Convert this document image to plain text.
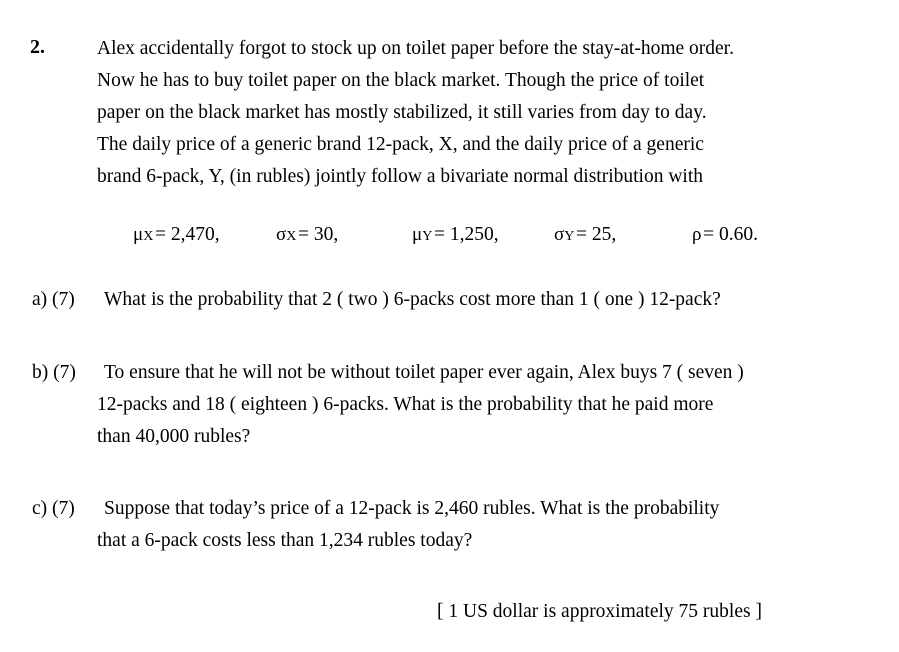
2.	Alex accidentally forgot to stock up on toilet paper before the stay-at-home order.
Now he has to buy toilet paper on the black market. Though the price of toilet
paper on the black market has mostly stabilized, it still varies from day to day.
The daily price of a generic brand 12-pack, X, and the daily price of a generic
brand 6-pack, Y, (in rubles) jointly follow a bivariate normal distribution with
μX = 2,470,	σX = 30,	μY = 1,250,	σY = 25,	ρ = 0.60.
a) (7) What is the probability that 2 ( two ) 6-packs cost more than 1 ( one ) 12-pack?
b) (7) To ensure that he will not be without toilet paper ever again, Alex buys 7 ( seven )
12-packs and 18 ( eighteen ) 6-packs. What is the probability that he paid more
than 40,000 rubles?
c) (7) Suppose that today’s price of a 12-pack is 2,460 rubles. What is the probability
that a 6-pack costs less than 1,234 rubles today?
[ 1 US dollar is approximately 75 rubles ]
